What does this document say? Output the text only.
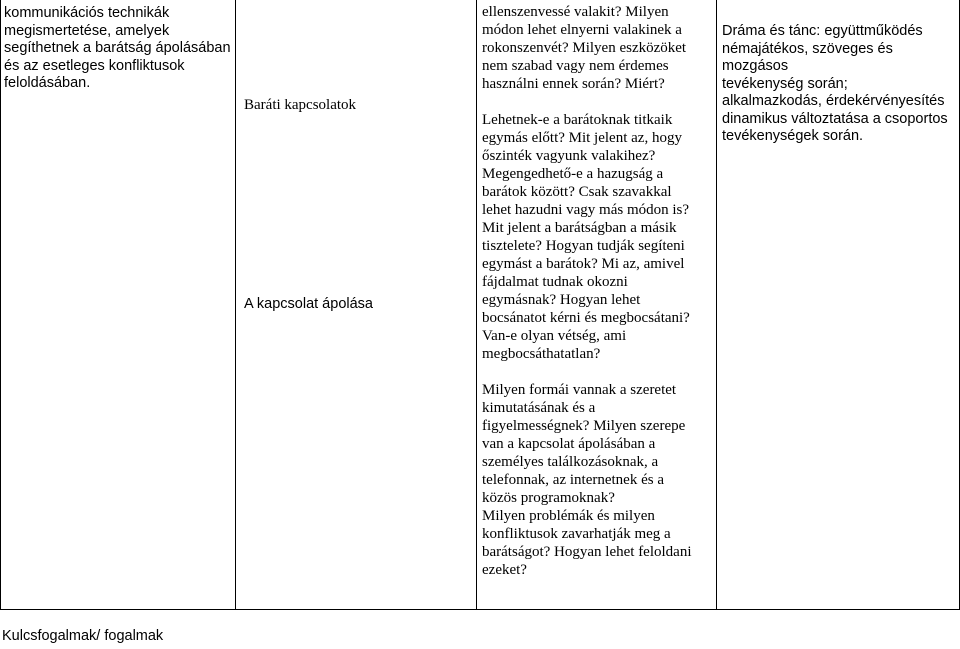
kommunikációs technikák
megismertetése, amelyek
segíthetnek a barátság ápolásában
és az esetleges konfliktusok
feloldásában.

Baráti kapcsolatok
A kapcsolat ápolása

ellenszenvessé valakit? Milyen
módon lehet elnyerni valakinek a
rokonszenvét? Milyen eszközöket
nem szabad vagy nem érdemes
használni ennek során? Miért?

Lehetnek-e a barátoknak titkaik
egymás előtt? Mit jelent az, hogy
őszinték vagyunk valakihez?
Megengedhető-e a hazugság a
barátok között? Csak szavakkal
lehet hazudni vagy más módon is?
Mit jelent a barátságban a másik
tisztelete? Hogyan tudják segíteni
egymást a barátok? Mi az, amivel
fájdalmat tudnak okozni
egymásnak? Hogyan lehet
bocsánatot kérni és megbocsátani?
Van-e olyan vétség, ami
megbocsáthatatlan?

Milyen formái vannak a szeretet
kimutatásának és a
figyelmességnek? Milyen szerepe
van a kapcsolat ápolásában a
személyes találkozásoknak, a
telefonnak, az internetnek és a
közös programoknak?
Milyen problémák és milyen
konfliktusok zavarhatják meg a
barátságot? Hogyan lehet feloldani
ezeket?

Dráma és tánc: együttműködés
némajátékos, szöveges és mozgásos
tevékenység során;
alkalmazkodás, érdekérvényesítés
dinamikus változtatása a csoportos
tevékenységek során.

Kulcsfogalmak/ fogalmak
